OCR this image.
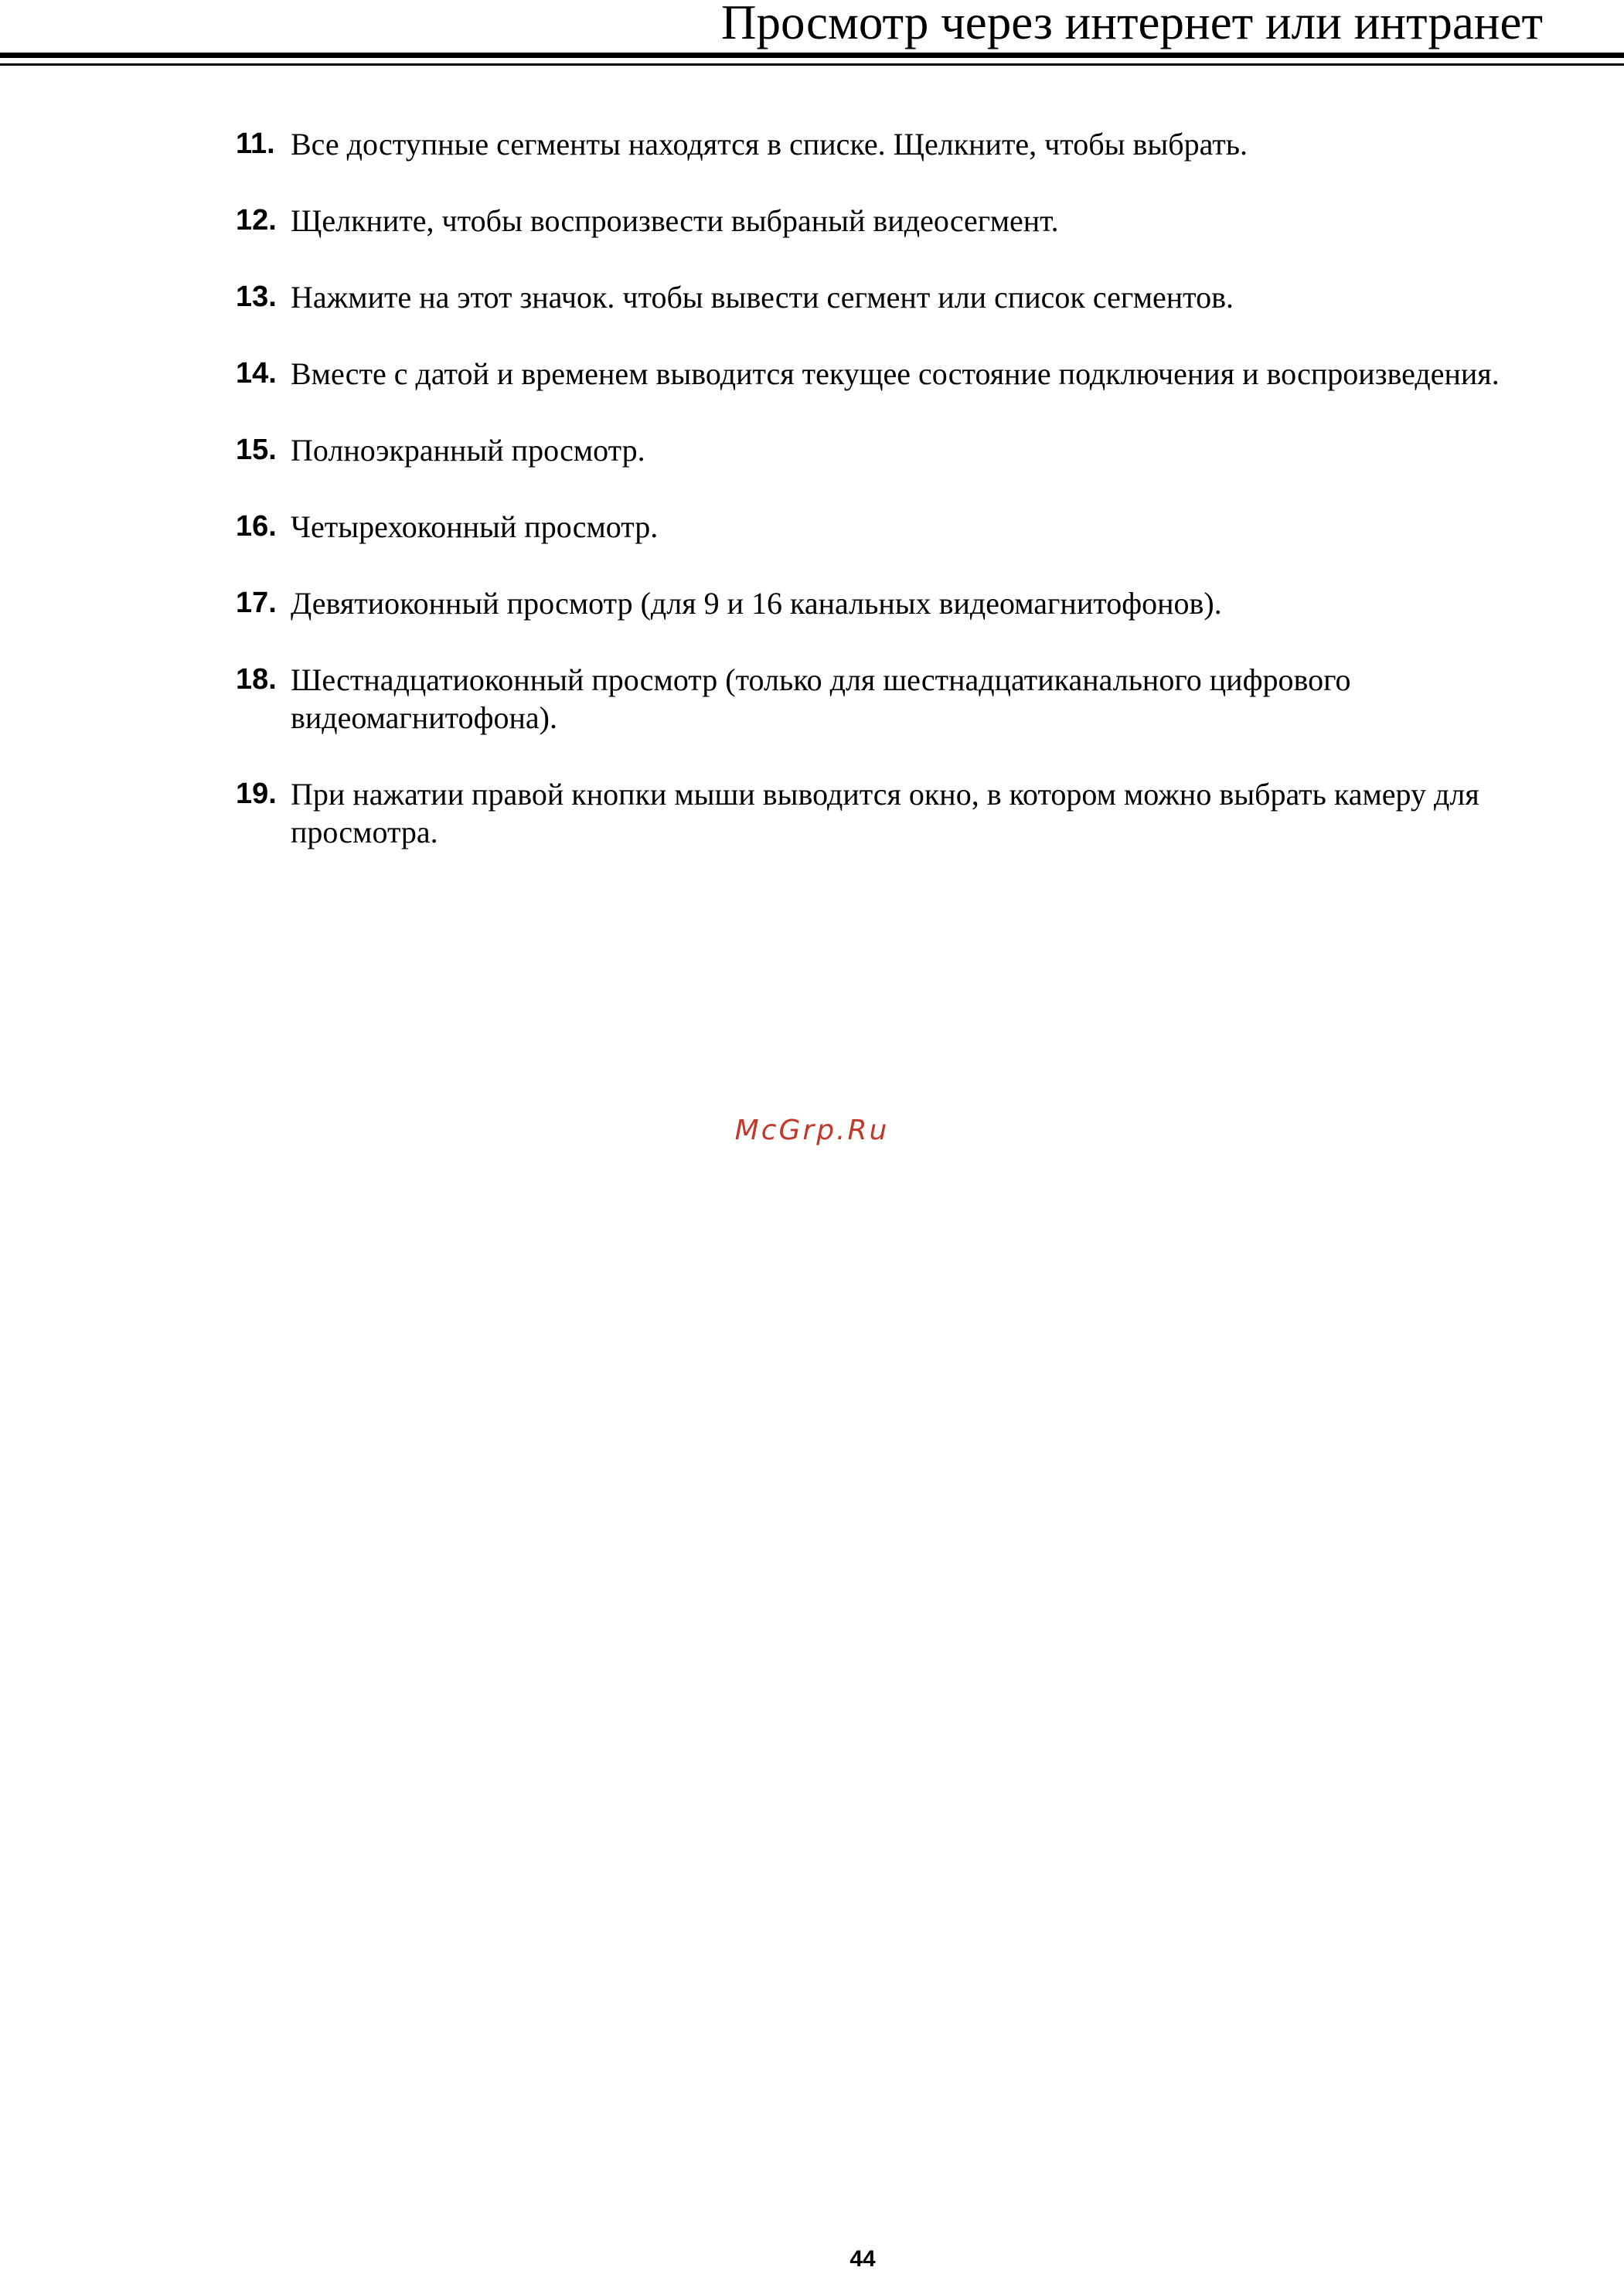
Просмотр через интернет или интранет
11. Все доступные сегменты находятся в списке. Щелкните, чтобы выбрать.
12. Щелкните, чтобы воспроизвести выбраный видеосегмент.
13. Нажмите на этот значок. чтобы вывести сегмент или список сегментов.
14. Вместе с датой и временем выводится текущее состояние подключения и воспроизведения.
15. Полноэкранный просмотр.
16. Четырехоконный просмотр.
17. Девятиоконный просмотр (для 9 и 16 канальных видеомагнитофонов).
18. Шестнадцатиоконный просмотр (только для шестнадцатиканального цифрового видеомагнитофона).
19. При нажатии правой кнопки мыши выводится окно, в котором можно выбрать камеру для просмотра.
McGrp.Ru
44
